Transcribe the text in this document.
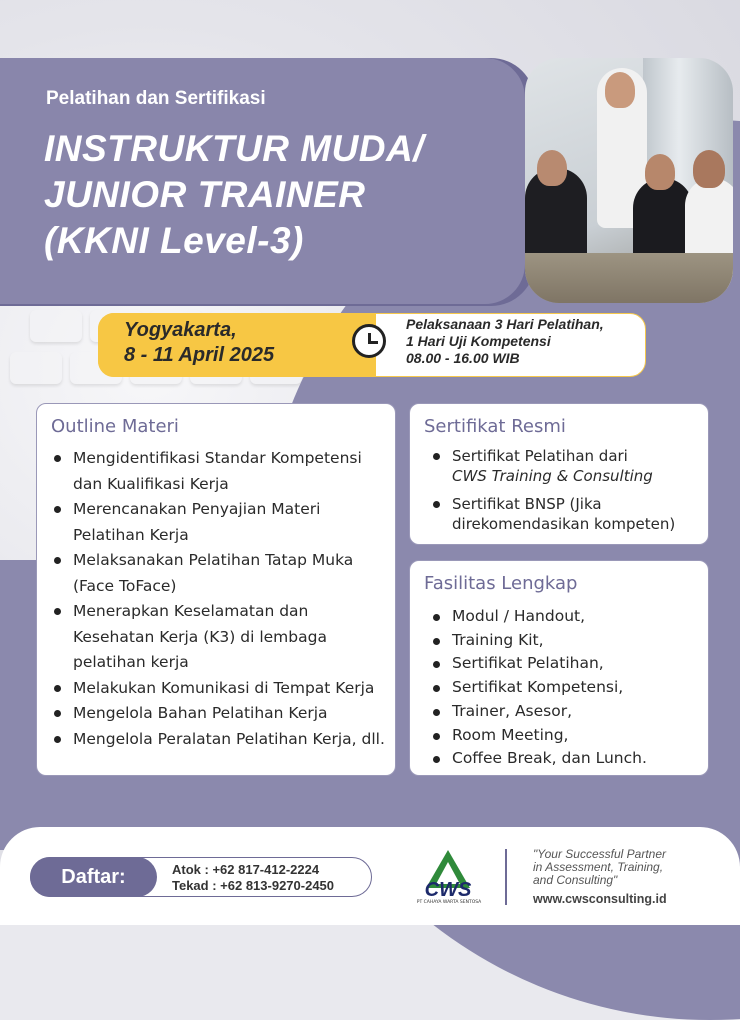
Pelatihan dan Sertifikasi
INSTRUKTUR MUDA/
JUNIOR TRAINER
(KKNI Level-3)
Yogyakarta,
8 - 11 April 2025
Pelaksanaan 3 Hari Pelatihan,
1 Hari Uji Kompetensi
08.00 - 16.00 WIB
Outline Materi
Mengidentifikasi Standar Kompetensi dan Kualifikasi Kerja
Merencanakan Penyajian Materi Pelatihan Kerja
Melaksanakan Pelatihan Tatap Muka (Face ToFace)
Menerapkan Keselamatan dan Kesehatan Kerja (K3) di lembaga pelatihan kerja
Melakukan Komunikasi di Tempat Kerja
Mengelola Bahan Pelatihan Kerja
Mengelola Peralatan Pelatihan Kerja, dll.
Sertifikat Resmi
Sertifikat Pelatihan dari
CWS Training & Consulting
Sertifikat BNSP (Jika direkomendasikan kompeten)
Fasilitas Lengkap
Modul / Handout,
Training Kit,
Sertifikat Pelatihan,
Sertifikat Kompetensi,
Trainer, Asesor,
Room Meeting,
Coffee Break, dan Lunch.
Daftar:	Atok : +62 817-412-2224
Tekad : +62 813-9270-2450	CWS
PT CAHAYA WARTA SENTOSA
"Your Successful Partner
in Assessment, Training,
and Consulting"
www.cwsconsulting.id
